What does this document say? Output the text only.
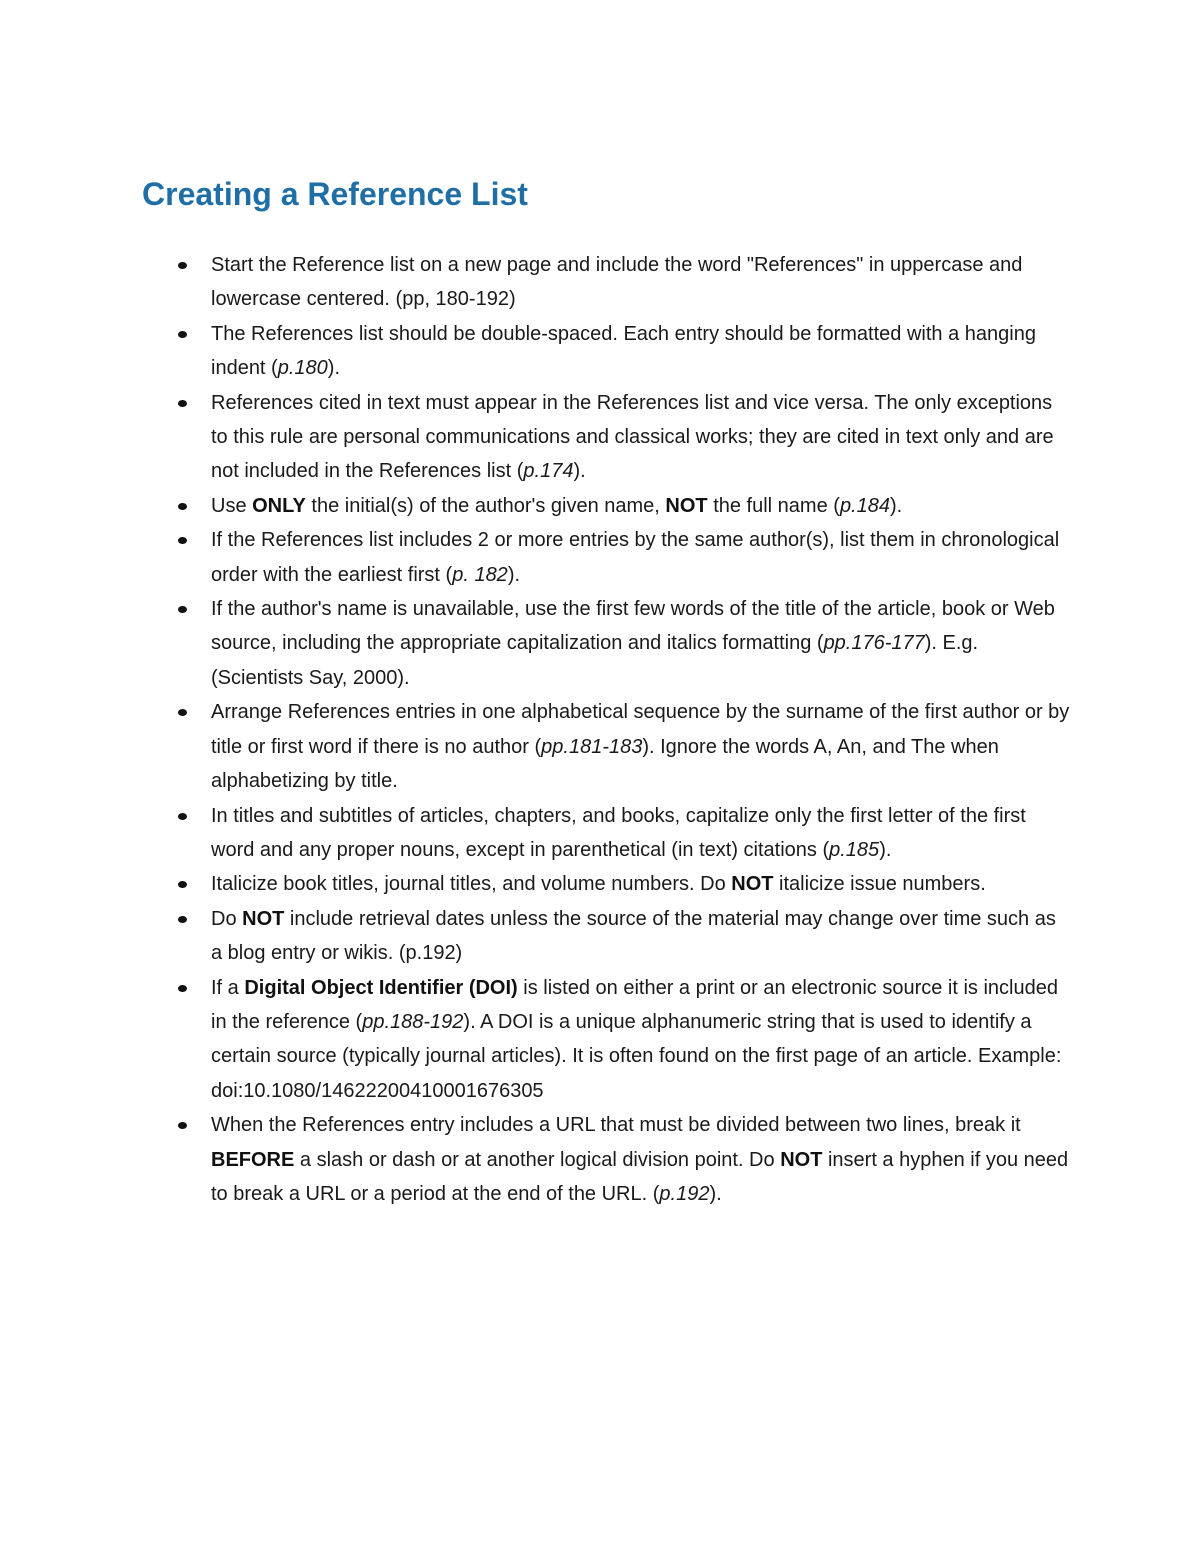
Creating a Reference List
Start the Reference list on a new page and include the word "References" in uppercase and lowercase centered. (pp, 180-192)
The References list should be double-spaced. Each entry should be formatted with a hanging indent (p.180).
References cited in text must appear in the References list and vice versa. The only exceptions to this rule are personal communications and classical works; they are cited in text only and are not included in the References list (p.174).
Use ONLY the initial(s) of the author's given name, NOT the full name (p.184).
If the References list includes 2 or more entries by the same author(s), list them in chronological order with the earliest first (p. 182).
If the author's name is unavailable, use the first few words of the title of the article, book or Web source, including the appropriate capitalization and italics formatting (pp.176-177). E.g. (Scientists Say, 2000).
Arrange References entries in one alphabetical sequence by the surname of the first author or by title or first word if there is no author (pp.181-183). Ignore the words A, An, and The when alphabetizing by title.
In titles and subtitles of articles, chapters, and books, capitalize only the first letter of the first word and any proper nouns, except in parenthetical (in text) citations (p.185).
Italicize book titles, journal titles, and volume numbers. Do NOT italicize issue numbers.
Do NOT include retrieval dates unless the source of the material may change over time such as a blog entry or wikis. (p.192)
If a Digital Object Identifier (DOI) is listed on either a print or an electronic source it is included in the reference (pp.188-192). A DOI is a unique alphanumeric string that is used to identify a certain source (typically journal articles). It is often found on the first page of an article. Example: doi:10.1080/14622200410001676305
When the References entry includes a URL that must be divided between two lines, break it BEFORE a slash or dash or at another logical division point. Do NOT insert a hyphen if you need to break a URL or a period at the end of the URL. (p.192).
